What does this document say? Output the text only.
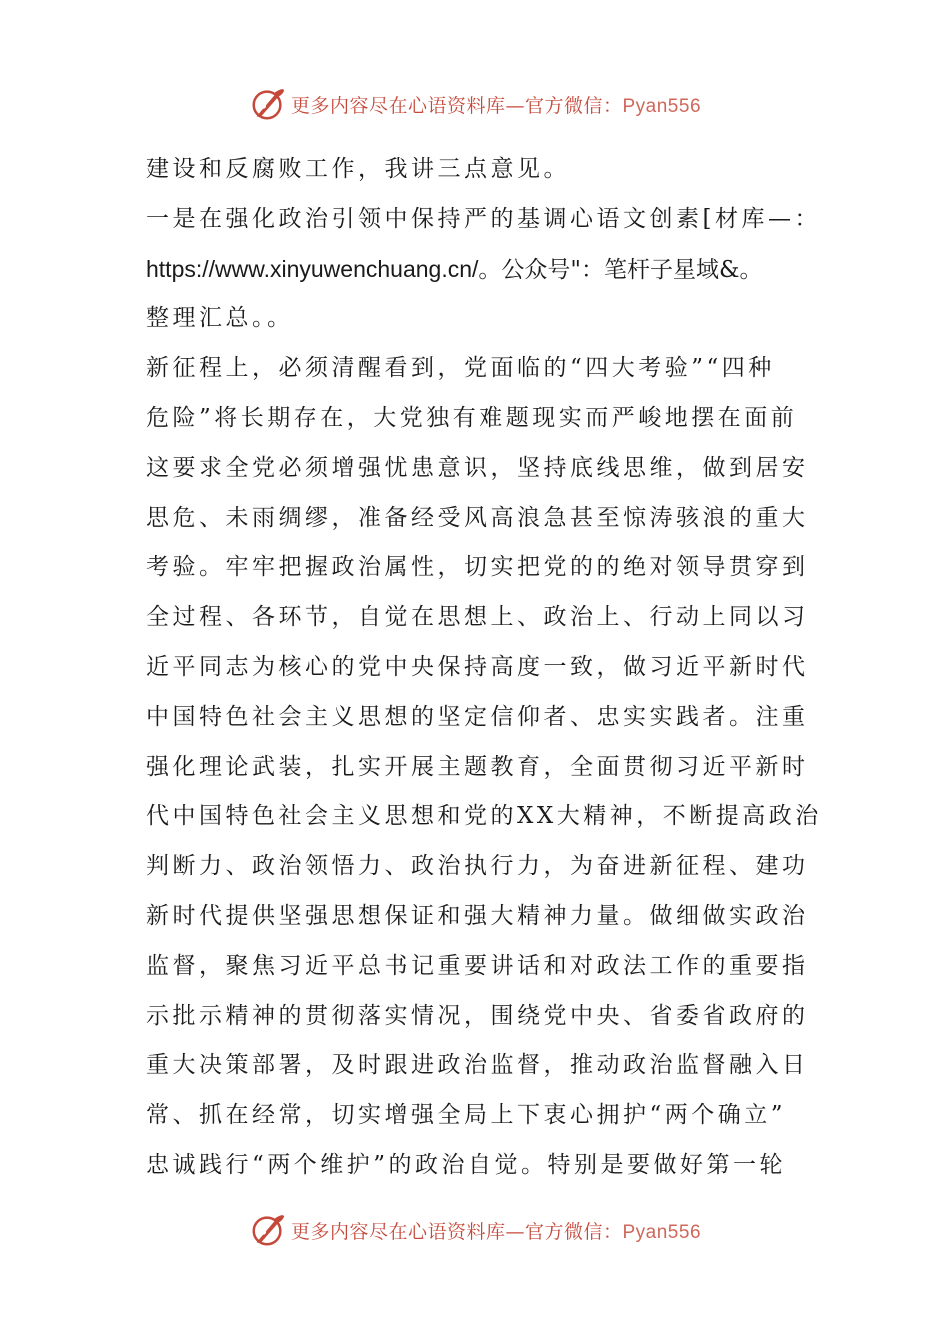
更多内容尽在心语资料库—官方微信：Pyan556
建设和反腐败工作，我讲三点意见。
一是在强化政治引领中保持严的基调心语文创素[材库—：
https://www.xinyuwenchuang.cn/。公众号"：笔杆子星域&。
整理汇总。。
新征程上，必须清醒看到，党面临的“四大考验”“四种
危险”将长期存在，大党独有难题现实而严峻地摆在面前
这要求全党必须增强忧患意识，坚持底线思维，做到居安
思危、未雨绸缪，准备经受风高浪急甚至惊涛骇浪的重大
考验。牢牢把握政治属性，切实把党的的绝对领导贯穿到
全过程、各环节，自觉在思想上、政治上、行动上同以习
近平同志为核心的党中央保持高度一致，做习近平新时代
中国特色社会主义思想的坚定信仰者、忠实实践者。注重
强化理论武装，扎实开展主题教育，全面贯彻习近平新时
代中国特色社会主义思想和党的XX大精神，不断提高政治
判断力、政治领悟力、政治执行力，为奋进新征程、建功
新时代提供坚强思想保证和强大精神力量。做细做实政治
监督，聚焦习近平总书记重要讲话和对政法工作的重要指
示批示精神的贯彻落实情况，围绕党中央、省委省政府的
重大决策部署，及时跟进政治监督，推动政治监督融入日
常、抓在经常，切实增强全局上下衷心拥护“两个确立”
忠诚践行“两个维护”的政治自觉。特别是要做好第一轮
更多内容尽在心语资料库—官方微信：Pyan556
